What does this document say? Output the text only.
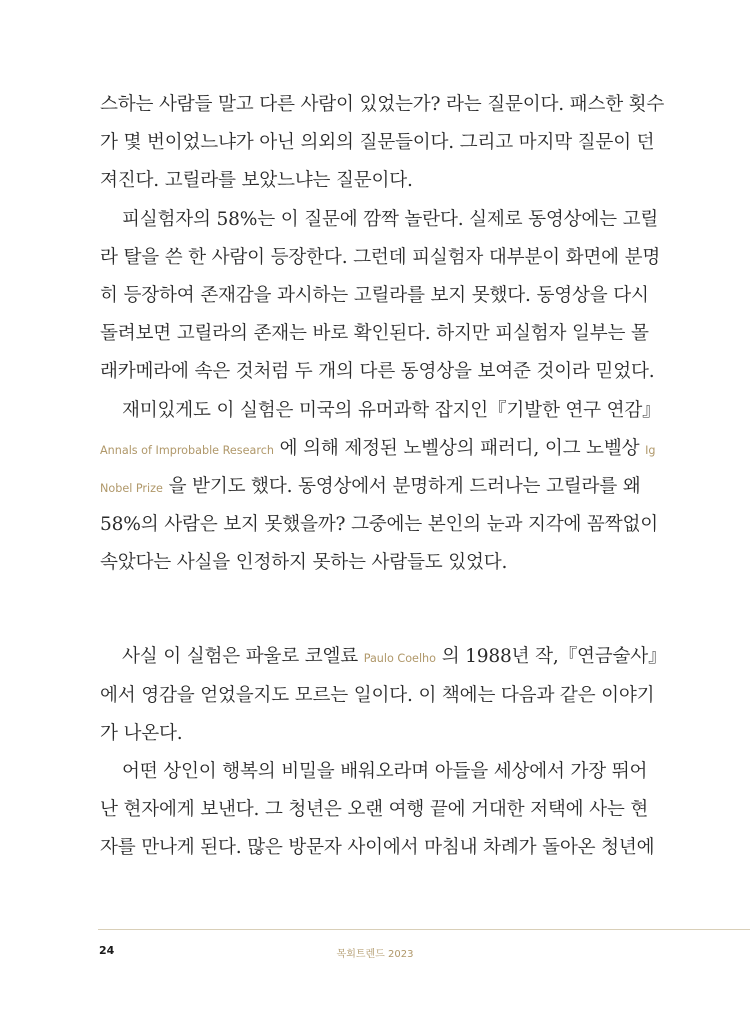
스하는 사람들 말고 다른 사람이 있었는가? 라는 질문이다. 패스한 횟수
가 몇 번이었느냐가 아닌 의외의 질문들이다. 그리고 마지막 질문이 던
져진다. 고릴라를 보았느냐는 질문이다.
피실험자의 58%는 이 질문에 깜짝 놀란다. 실제로 동영상에는 고릴
라 탈을 쓴 한 사람이 등장한다. 그런데 피실험자 대부분이 화면에 분명
히 등장하여 존재감을 과시하는 고릴라를 보지 못했다. 동영상을 다시
돌려보면 고릴라의 존재는 바로 확인된다. 하지만 피실험자 일부는 몰
래카메라에 속은 것처럼 두 개의 다른 동영상을 보여준 것이라 믿었다.
재미있게도 이 실험은 미국의 유머과학 잡지인『기발한 연구 연감』
Annals of Improbable Research 에 의해 제정된 노벨상의 패러디, 이그 노벨상 Ig
Nobel Prize 을 받기도 했다. 동영상에서 분명하게 드러나는 고릴라를 왜
58%의 사람은 보지 못했을까? 그중에는 본인의 눈과 지각에 꼼짝없이
속았다는 사실을 인정하지 못하는 사람들도 있었다.
사실 이 실험은 파울로 코엘료 Paulo Coelho 의 1988년 작,『연금술사』
에서 영감을 얻었을지도 모르는 일이다. 이 책에는 다음과 같은 이야기
가 나온다.
어떤 상인이 행복의 비밀을 배워오라며 아들을 세상에서 가장 뛰어
난 현자에게 보낸다. 그 청년은 오랜 여행 끝에 거대한 저택에 사는 현
자를 만나게 된다. 많은 방문자 사이에서 마침내 차례가 돌아온 청년에
24	목회트렌드 2023
